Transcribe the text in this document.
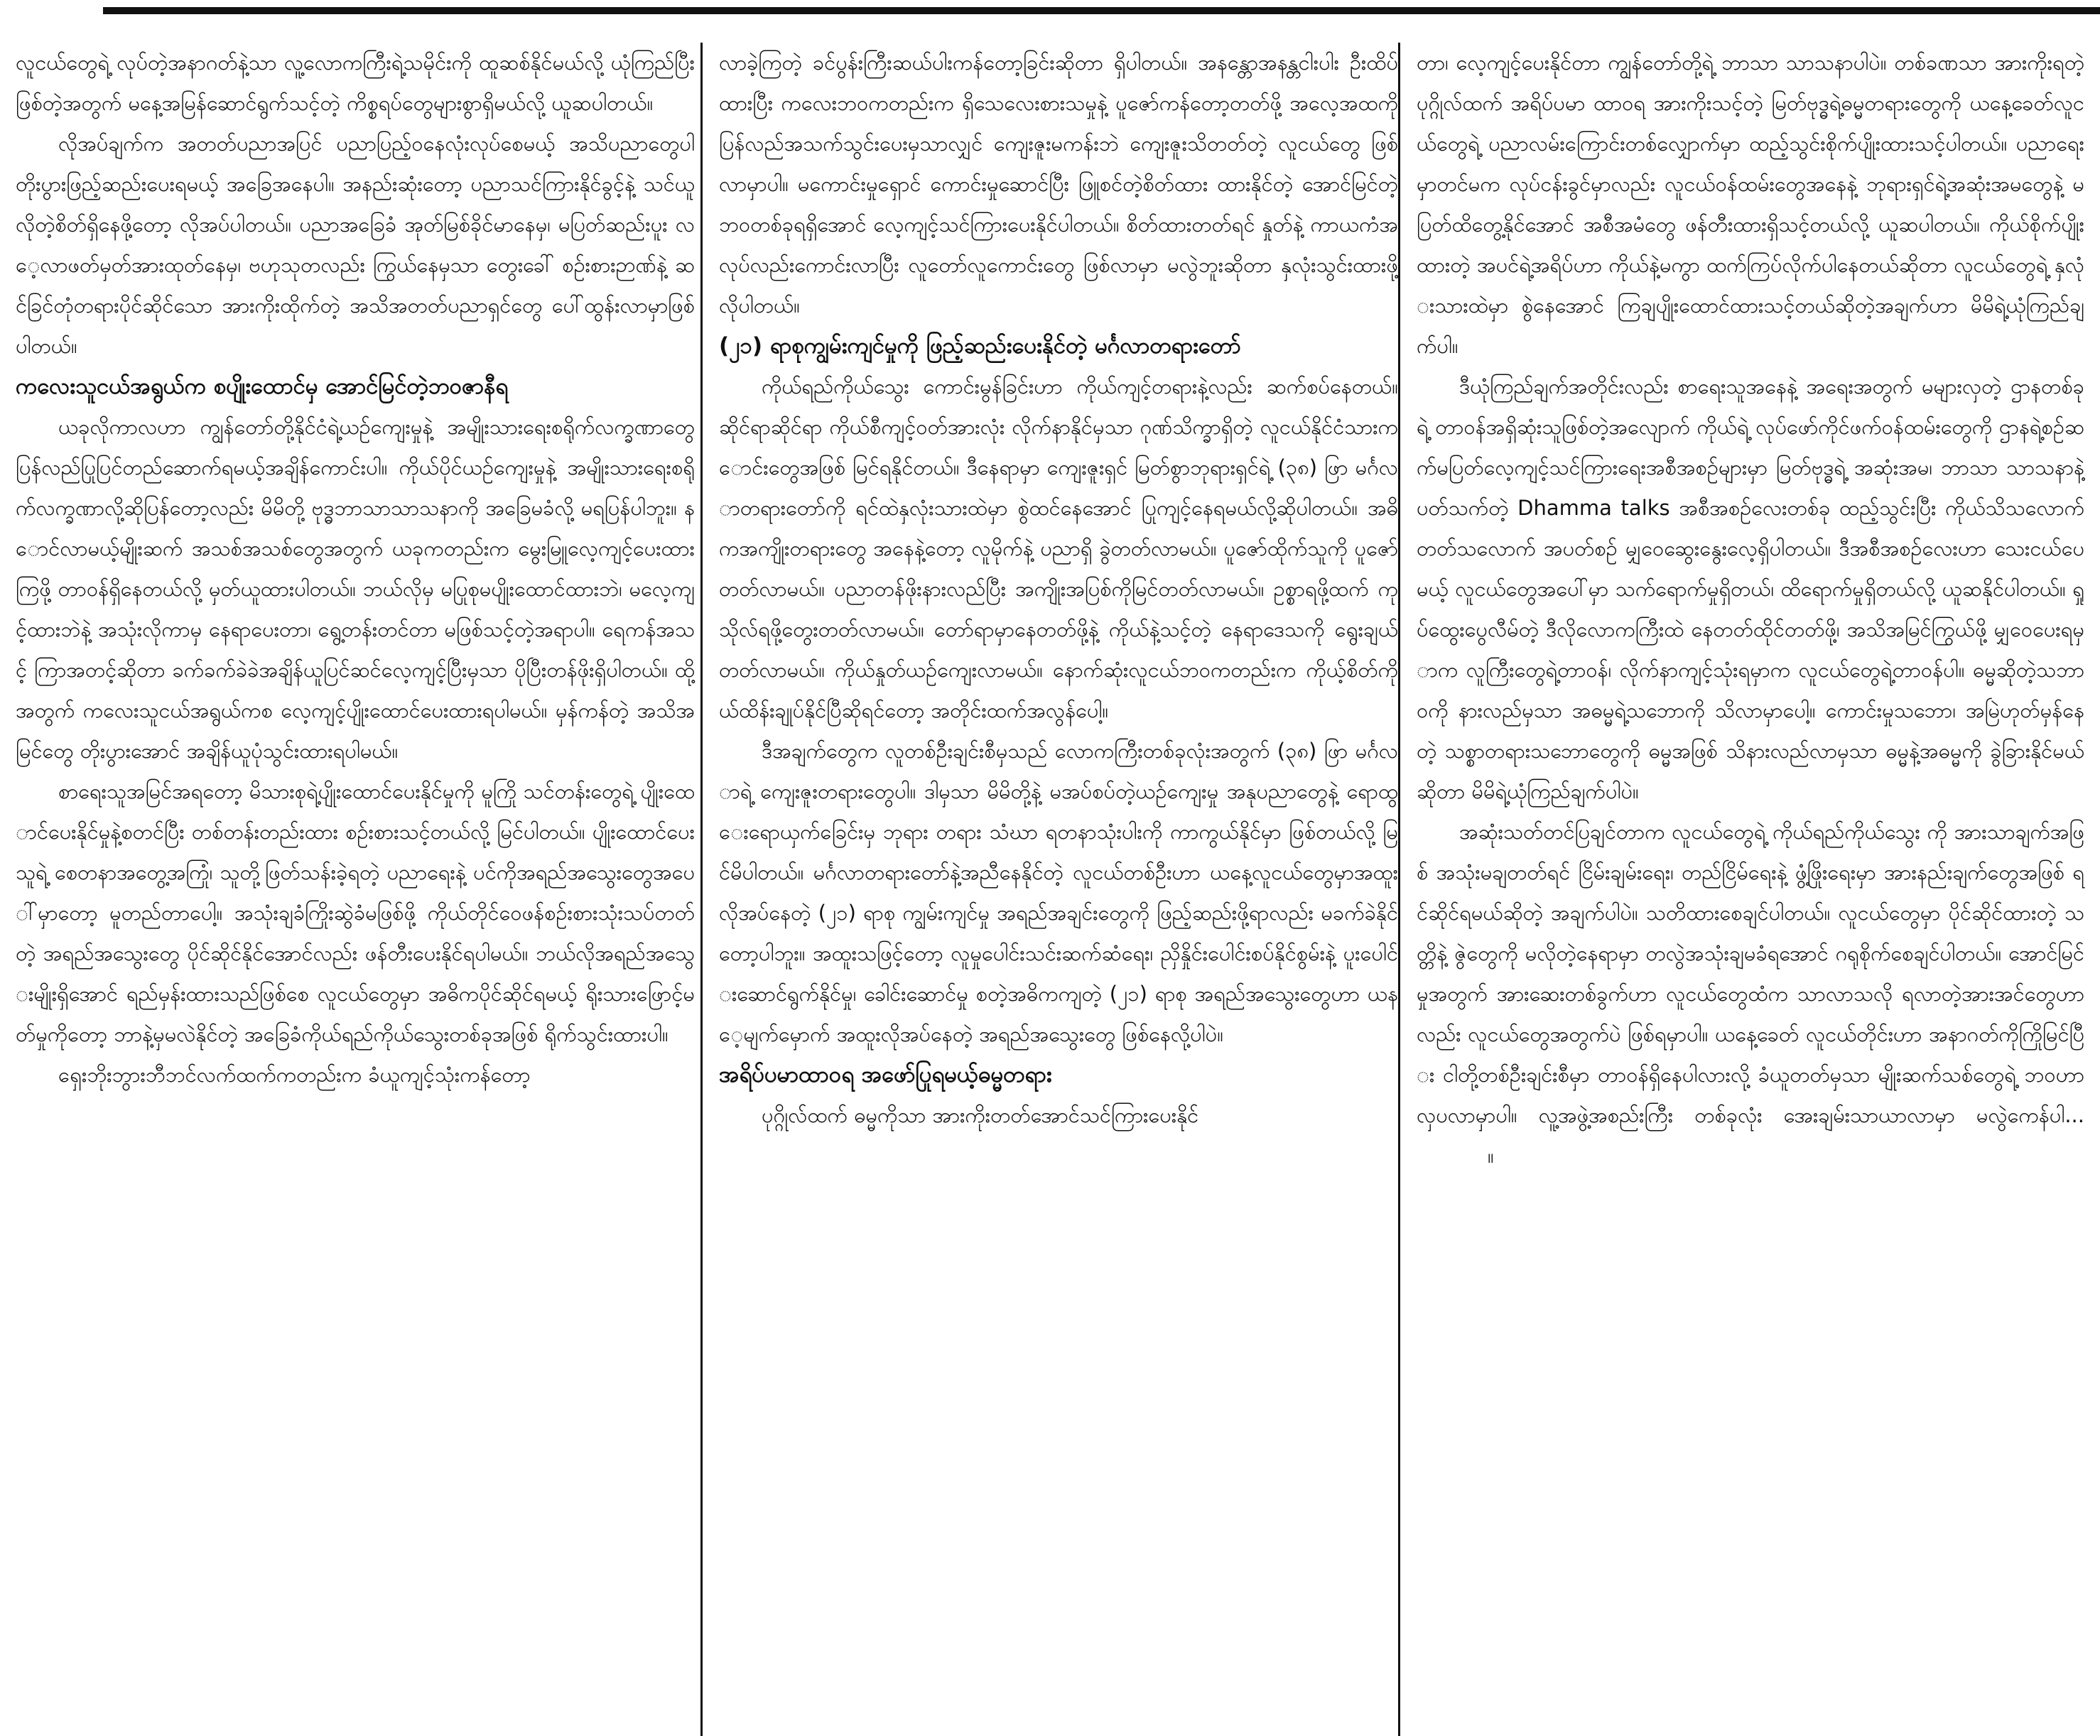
လူငယ်တွေရဲ့ လုပ်တဲ့အနာဂတ်နဲ့သာ လူ့လောကကြီးရဲ့သမိုင်းကို ထူဆစ်နိုင်မယ်လို့ ယုံကြည်ပြီးဖြစ်တဲ့အတွက် မနေ့အမြန်ဆောင်ရွက်သင့်တဲ့ ကိစ္စရပ်တွေများစွာရှိမယ်လို့ ယူဆပါတယ်။

လိုအပ်ချက်က အတတ်ပညာအပြင် ပညာပြည့်ဝနေလုံးလုပ်စေမယ့် အသိပညာတွေပါ တိုးပွားဖြည့်ဆည်းပေးရမယ့် အခြေအနေပါ။ အနည်းဆုံးတော့ ပညာသင်ကြားနိုင်ခွင့်နဲ့ သင်ယူလိုတဲ့စိတ်ရှိနေဖို့တော့ လိုအပ်ပါတယ်။ ပညာအခြေခံ အုတ်မြစ်ခိုင်မာနေမှ၊ မပြတ်ဆည်းပူး လေ့လာဖတ်မှတ်အားထုတ်နေမှ၊ ဗဟုသုတလည်း ကြွယ်နေမှသာ တွေးခေါ် စဉ်းစားဉာဏ်နဲ့ ဆင်ခြင်တုံတရားပိုင်ဆိုင်သော အားကိုးထိုက်တဲ့ အသိအတတ်ပညာရှင်တွေ ပေါ်ထွန်းလာမှာဖြစ်ပါတယ်။

ကလေးသူငယ်အရွယ်က စပျိုးထောင်မှ အောင်မြင်တဲ့ဘဝဇာနီရ

ယခုလိုကာလဟာ ကျွန်တော်တို့နိုင်ငံရဲ့ယဉ်ကျေးမှုနဲ့ အမျိုးသားရေးစရိုက်လက္ခဏာတွေ ပြန်လည်ပြုပြင်တည်ဆောက်ရမယ့်အချိန်ကောင်းပါ။ ကိုယ်ပိုင်ယဉ်ကျေးမှုနဲ့ အမျိုးသားရေးစရိုက်လက္ခဏာလို့ဆိုပြန်တော့လည်း မိမိတို့ ဗုဒ္ဓဘာသာသာသနာကို အခြေမခံလို့ မရပြန်ပါဘူး။ နောင်လာမယ့်မျိုးဆက် အသစ်အသစ်တွေအတွက် ယခုကတည်းက မွေးမြူလေ့ကျင့်ပေးထားကြဖို့ တာဝန်ရှိနေတယ်လို့ မှတ်ယူထားပါတယ်။ ဘယ်လိုမှ မပြုစုမပျိုးထောင်ထားဘဲ၊ မလေ့ကျင့်ထားဘဲနဲ့ အသုံးလိုကာမှ နေရာပေးတာ၊ ရွေ့တန်းတင်တာ မဖြစ်သင့်တဲ့အရာပါ။ ရေကန်အသင့် ကြာအတင့်ဆိုတာ ခက်ခက်ခဲခဲအချိန်ယူပြင်ဆင်လေ့ကျင့်ပြီးမှသာ ပိုပြီးတန်ဖိုးရှိပါတယ်။ ထို့အတွက် ကလေးသူငယ်အရွယ်ကစ လေ့ကျင့်ပျိုးထောင်ပေးထားရပါမယ်။ မှန်ကန်တဲ့ အသိအမြင်တွေ တိုးပွားအောင် အချိန်ယူပုံသွင်းထားရပါမယ်။

စာရေးသူအမြင်အရတော့ မိသားစုရဲ့ပျိုးထောင်ပေးနိုင်မှုကို မူကြို သင်တန်းတွေရဲ့ ပျိုးထောင်ပေးနိုင်မှုနဲ့စတင်ပြီး တစ်တန်းတည်းထား စဉ်းစားသင့်တယ်လို့ မြင်ပါတယ်။ ပျိုးထောင်ပေးသူရဲ့ စေတနာအတွေ့အကြုံ၊ သူတို့ဖြတ်သန်းခဲ့ရတဲ့ ပညာရေးနဲ့ ပင်ကိုအရည်အသွေးတွေအပေါ်မှာတော့ မူတည်တာပေါ့။ အသုံးချခံကြိုးဆွဲခံမဖြစ်ဖို့ ကိုယ်တိုင်ဝေဖန်စဉ်းစားသုံးသပ်တတ်တဲ့ အရည်အသွေးတွေ ပိုင်ဆိုင်နိုင်အောင်လည်း ဖန်တီးပေးနိုင်ရပါမယ်။ ဘယ်လိုအရည်အသွေးမျိုးရှိအောင် ရည်မှန်းထားသည်ဖြစ်စေ လူငယ်တွေမှာ အဓိကပိုင်ဆိုင်ရမယ့် ရိုးသားဖြောင့်မတ်မှုကိုတော့ ဘာနဲ့မှမလဲနိုင်တဲ့ အခြေခံကိုယ်ရည်ကိုယ်သွေးတစ်ခုအဖြစ် ရိုက်သွင်းထားပါ။

ရှေးဘိုးဘွားဘီဘင်လက်ထက်ကတည်းက ခံယူကျင့်သုံးကန်တော့

လာခဲ့ကြတဲ့ ခင်ပွန်းကြီးဆယ်ပါးကန်တော့ခြင်းဆိုတာ ရှိပါတယ်။ အနန္တောအနန္တငါးပါး ဦးထိပ်ထားပြီး ကလေးဘဝကတည်းက ရှိသေလေးစားသမှုနဲ့ ပူဇော်ကန်တော့တတ်ဖို့ အလေ့အထကို ပြန်လည်အသက်သွင်းပေးမှသာလျှင် ကျေးဇူးမကန်းဘဲ ကျေးဇူးသိတတ်တဲ့ လူငယ်တွေ ဖြစ်လာမှာပါ။ မကောင်းမှုရှောင် ကောင်းမှုဆောင်ပြီး ဖြူစင်တဲ့စိတ်ထား ထားနိုင်တဲ့ အောင်မြင်တဲ့ဘဝတစ်ခုရရှိအောင် လေ့ကျင့်သင်ကြားပေးနိုင်ပါတယ်။ စိတ်ထားတတ်ရင် နှုတ်နဲ့ ကာယကံအလုပ်လည်းကောင်းလာပြီး လူတော်လူကောင်းတွေ ဖြစ်လာမှာ မလွဲဘူးဆိုတာ နှလုံးသွင်းထားဖို့ လိုပါတယ်။

(၂၁) ရာစုကျွမ်းကျင်မှုကို ဖြည့်ဆည်းပေးနိုင်တဲ့ မင်္ဂလာတရားတော်

ကိုယ်ရည်ကိုယ်သွေး ကောင်းမွန်ခြင်းဟာ ကိုယ်ကျင့်တရားနဲ့လည်း ဆက်စပ်နေတယ်။ ဆိုင်ရာဆိုင်ရာ ကိုယ်စီကျင့်ဝတ်အားလုံး လိုက်နာနိုင်မှသာ ဂုဏ်သိက္ခာရှိတဲ့ လူငယ်နိုင်ငံသားကောင်းတွေအဖြစ် မြင်ရနိုင်တယ်။ ဒီနေရာမှာ ကျေးဇူးရှင် မြတ်စွာဘုရားရှင်ရဲ့ (၃၈) ဖြာ မင်္ဂလာတရားတော်ကို ရင်ထဲနှလုံးသားထဲမှာ စွဲထင်နေအောင် ပြုကျင့်နေရမယ်လို့ဆိုပါတယ်။ အဓိကအကျိုးတရားတွေ အနေနဲ့တော့ လူမိုက်နဲ့ ပညာရှိ ခွဲတတ်လာမယ်။ ပူဇော်ထိုက်သူကို ပူဇော်တတ်လာမယ်။ ပညာတန်ဖိုးနားလည်ပြီး အကျိုးအပြစ်ကိုမြင်တတ်လာမယ်။ ဥစ္စာရဖို့ထက် ကုသိုလ်ရဖို့တွေးတတ်လာမယ်။ တော်ရာမှာနေတတ်ဖို့နဲ့ ကိုယ်နဲ့သင့်တဲ့ နေရာဒေသကို ရွေးချယ်တတ်လာမယ်။ ကိုယ်နှုတ်ယဉ်ကျေးလာမယ်။ နောက်ဆုံးလူငယ်ဘဝကတည်းက ကိုယ့်စိတ်ကိုယ်ထိန်းချုပ်နိုင်ပြီဆိုရင်တော့ အတိုင်းထက်အလွန်ပေါ့။

ဒီအချက်တွေက လူတစ်ဦးချင်းစီမှသည် လောကကြီးတစ်ခုလုံးအတွက် (၃၈) ဖြာ မင်္ဂလာရဲ့ ကျေးဇူးတရားတွေပါ။ ဒါမှသာ မိမိတို့နဲ့ မအပ်စပ်တဲ့ယဉ်ကျေးမှု အနုပညာတွေနဲ့ ရောထွေးရောယှက်ခြေင်းမှ ဘုရား တရား သံဃာ ရတနာသုံးပါးကို ကာကွယ်နိုင်မှာ ဖြစ်တယ်လို့ မြင်မိပါတယ်။ မင်္ဂလာတရားတော်နဲ့အညီနေနိုင်တဲ့ လူငယ်တစ်ဦးဟာ ယနေ့လူငယ်တွေမှာအထူးလိုအပ်နေတဲ့ (၂၁) ရာစု ကျွမ်းကျင်မှု အရည်အချင်းတွေကို ဖြည့်ဆည်းဖို့ရာလည်း မခက်ခဲနိုင်တော့ပါဘူး။ အထူးသဖြင့်တော့ လူမှုပေါင်းသင်းဆက်ဆံရေး၊ ညှိနှိုင်းပေါင်းစပ်နိုင်စွမ်းနဲ့ ပူးပေါင်းဆောင်ရွက်နိုင်မှု၊ ခေါင်းဆောင်မှု စတဲ့အဓိကကျတဲ့ (၂၁) ရာစု အရည်အသွေးတွေဟာ ယနေ့မျက်မှောက် အထူးလိုအပ်နေတဲ့ အရည်အသွေးတွေ ဖြစ်နေလို့ပါပဲ။

အရိပ်ပမာထာဝရ အဖော်ပြုရမယ့်ဓမ္မတရား

ပုဂ္ဂိုလ်ထက် ဓမ္မကိုသာ အားကိုးတတ်အောင်သင်ကြားပေးနိုင်

တာ၊ လေ့ကျင့်ပေးနိုင်တာ ကျွန်တော်တို့ရဲ့ ဘာသာ သာသနာပါပဲ။ တစ်ခဏသာ အားကိုးရတဲ့ ပုဂ္ဂိုလ်ထက် အရိပ်ပမာ ထာဝရ အားကိုးသင့်တဲ့ မြတ်ဗုဒ္ဓရဲ့ဓမ္မတရားတွေကို ယနေ့ခေတ်လူငယ်တွေရဲ့ ပညာလမ်းကြောင်းတစ်လျှောက်မှာ ထည့်သွင်းစိုက်ပျိုးထားသင့်ပါတယ်။ ပညာရေးမှာတင်မက လုပ်ငန်းခွင်မှာလည်း လူငယ်ဝန်ထမ်းတွေအနေနဲ့ ဘုရားရှင်ရဲ့အဆုံးအမတွေနဲ့ မပြတ်ထိတွေ့နိုင်အောင် အစီအမံတွေ ဖန်တီးထားရှိသင့်တယ်လို့ ယူဆပါတယ်။ ကိုယ်စိုက်ပျိုးထားတဲ့ အပင်ရဲ့အရိပ်ဟာ ကိုယ်နဲ့မကွာ ထက်ကြပ်လိုက်ပါနေတယ်ဆိုတာ လူငယ်တွေရဲ့ နှလုံးသားထဲမှာ စွဲနေအောင် ကြချပျိုးထောင်ထားသင့်တယ်ဆိုတဲ့အချက်ဟာ မိမိရဲ့ယုံကြည်ချက်ပါ။

ဒီယုံကြည်ချက်အတိုင်းလည်း စာရေးသူအနေနဲ့ အရေးအတွက် မများလှတဲ့ ဌာနတစ်ခုရဲ့ တာဝန်အရှိဆုံးသူဖြစ်တဲ့အလျောက် ကိုယ်ရဲ့ လုပ်ဖော်ကိုင်ဖက်ဝန်ထမ်းတွေကို ဌာနရဲ့စဉ်ဆက်မပြတ်လေ့ကျင့်သင်ကြားရေးအစီအစဉ်များမှာ မြတ်ဗုဒ္ဓရဲ့ အဆုံးအမ၊ ဘာသာ သာသနာနဲ့ပတ်သက်တဲ့ Dhamma talks အစီအစဉ်လေးတစ်ခု ထည့်သွင်းပြီး ကိုယ်သိသလောက် တတ်သလောက် အပတ်စဉ် မျှဝေဆွေးနွေးလေ့ရှိပါတယ်။ ဒီအစီအစဉ်လေးဟာ သေးငယ်ပေမယ့် လူငယ်တွေအပေါ်မှာ သက်ရောက်မှုရှိတယ်၊ ထိရောက်မှုရှိတယ်လို့ ယူဆနိုင်ပါတယ်။ ရှုပ်ထွေးပွေလီမ်တဲ့ ဒီလိုလောကကြီးထဲ နေတတ်ထိုင်တတ်ဖို့၊ အသိအမြင်ကြွယ်ဖို့ မျှဝေပေးရမှာက လူကြီးတွေရဲ့တာဝန်၊ လိုက်နာကျင့်သုံးရမှာက လူငယ်တွေရဲ့တာဝန်ပါ။ ဓမ္မဆိုတဲ့သဘာဝကို နားလည်မှသာ အဓမ္မရဲ့သဘောကို သိလာမှာပေါ့။ ကောင်းမှုသဘော၊ အမြဲဟုတ်မှန်နေတဲ့ သစ္စာတရားသဘောတွေကို ဓမ္မအဖြစ် သိနားလည်လာမှသာ ဓမ္မနဲ့အဓမ္မကို ခွဲခြားနိုင်မယ်ဆိုတာ မိမိရဲ့ယုံကြည်ချက်ပါပဲ။

အဆုံးသတ်တင်ပြချင်တာက လူငယ်တွေရဲ့ ကိုယ်ရည်ကိုယ်သွေး ကို အားသာချက်အဖြစ် အသုံးမချတတ်ရင် ငြိမ်းချမ်းရေး၊ တည်ငြိမ်ရေးနဲ့ ဖွံ့ဖြိုးရေးမှာ အားနည်းချက်တွေအဖြစ် ရင်ဆိုင်ရမယ်ဆိုတဲ့ အချက်ပါပဲ။ သတိထားစေချင်ပါတယ်။ လူငယ်တွေမှာ ပိုင်ဆိုင်ထားတဲ့ သတ္တိနဲ့ ဇွဲတွေကို မလိုတဲ့နေရာမှာ တလွဲအသုံးချမခံရအောင် ဂရုစိုက်စေချင်ပါတယ်။ အောင်မြင်မှုအတွက် အားဆေးတစ်ခွက်ဟာ လူငယ်တွေထံက သာလာသလို ရလာတဲ့အားအင်တွေဟာလည်း လူငယ်တွေအတွက်ပဲ ဖြစ်ရမှာပါ။ ယနေ့ခေတ် လူငယ်တိုင်းဟာ အနာဂတ်ကိုကြိုမြင်ပြီး ငါတို့တစ်ဦးချင်းစီမှာ တာဝန်ရှိနေပါလားလို့ ခံယူတတ်မှသာ မျိုးဆက်သစ်တွေရဲ့ ဘဝဟာ လှပလာမှာပါ။ လူ့အဖွဲ့အစည်းကြီး တစ်ခုလုံး အေးချမ်းသာယာလာမှာ မလွဲကေန်ပါ...။
